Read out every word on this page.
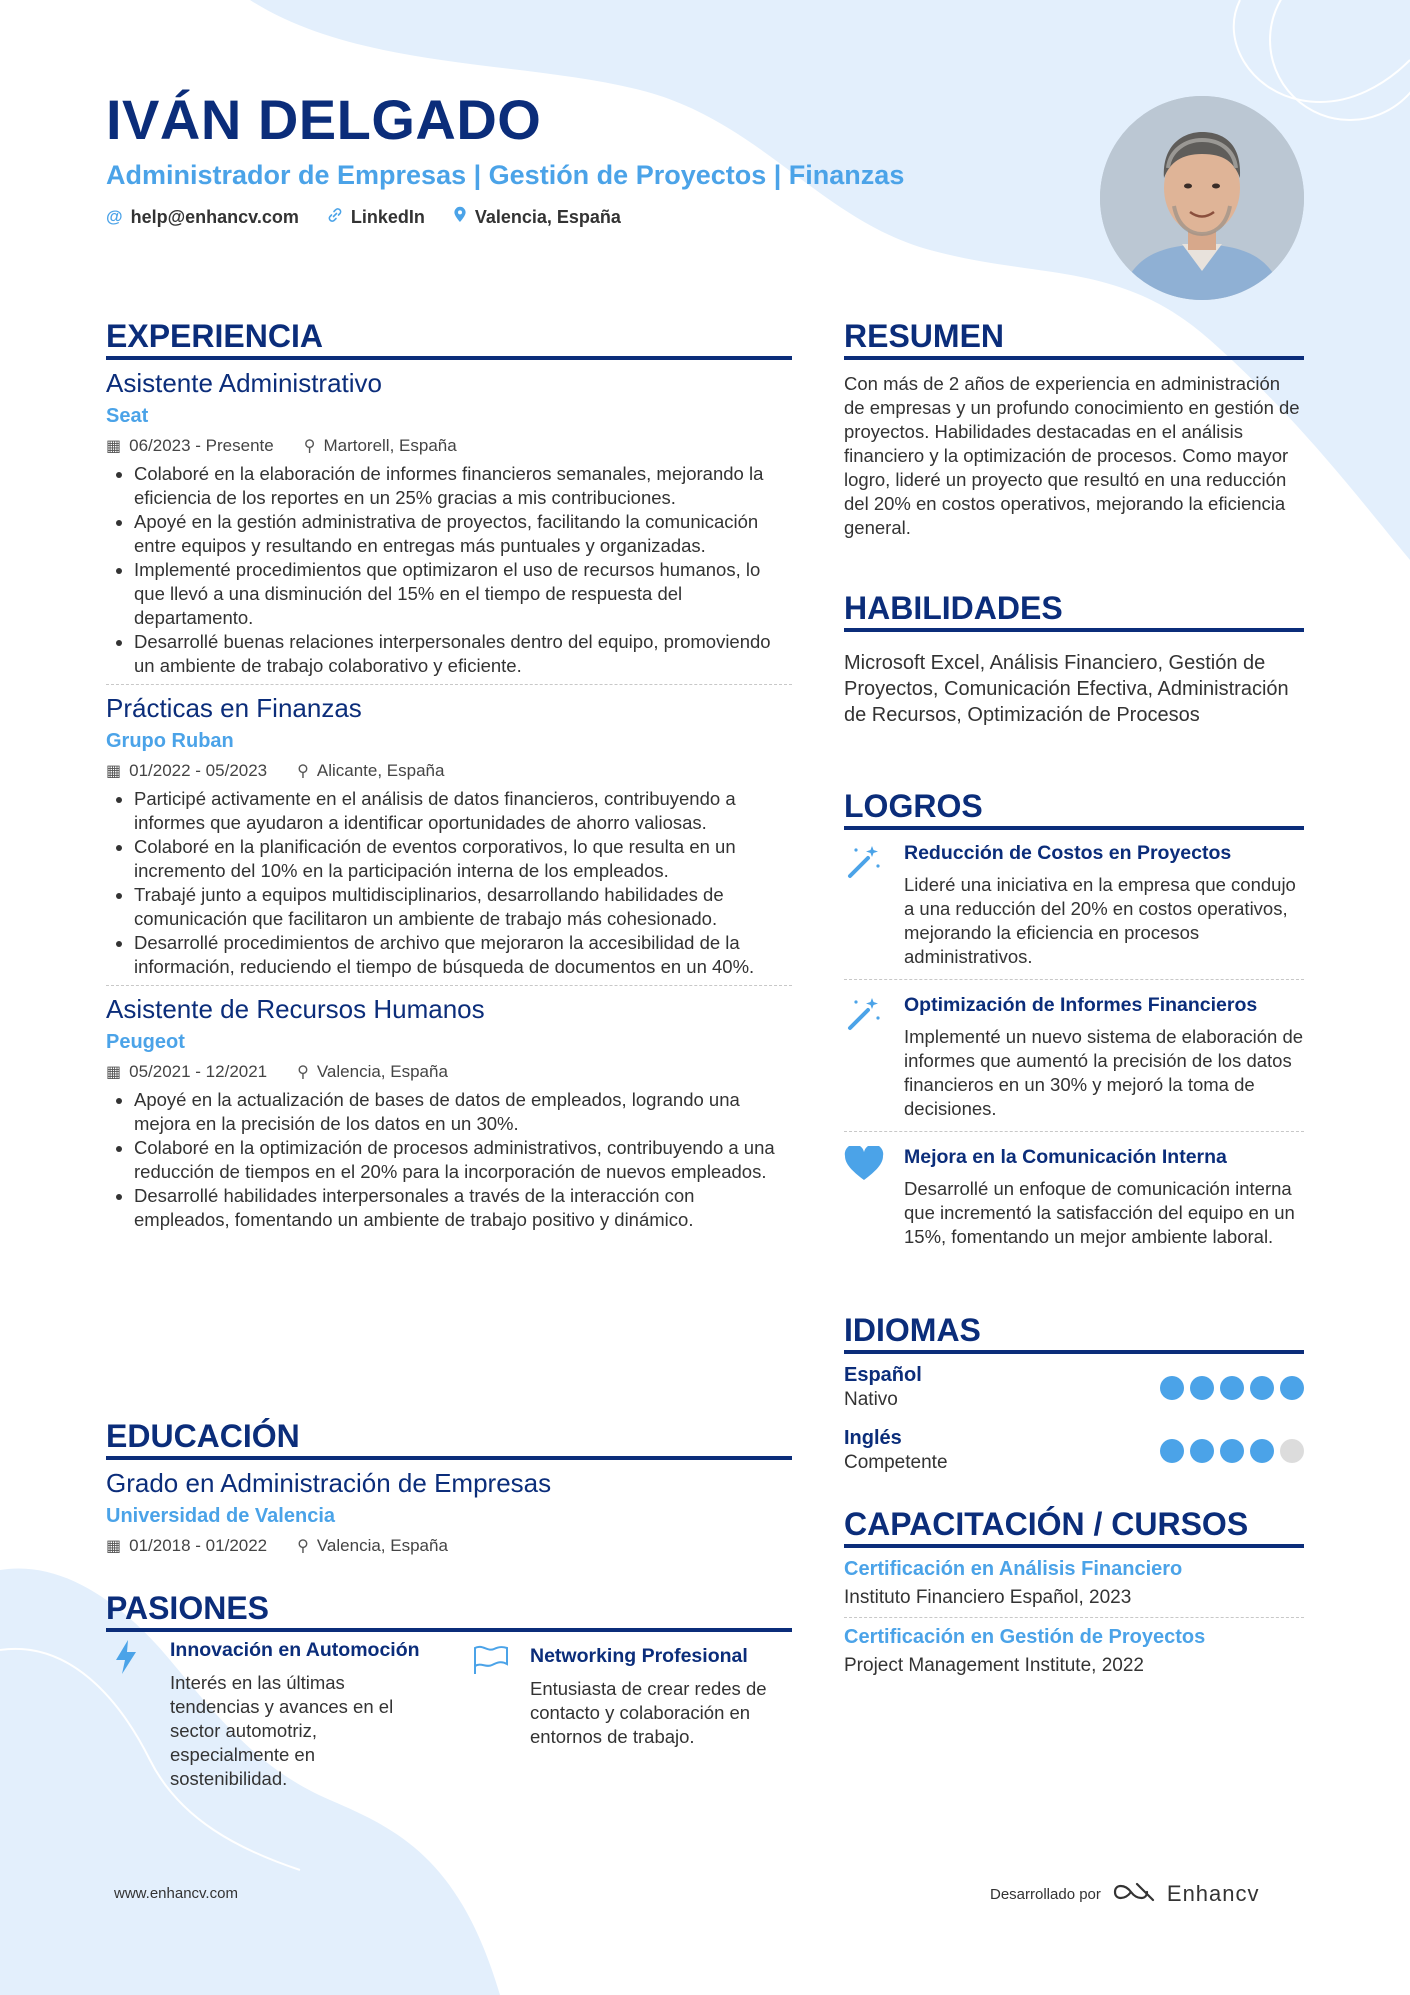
IVÁN DELGADO
Administrador de Empresas | Gestión de Proyectos | Finanzas
@ help@enhancv.com	LinkedIn	Valencia, España
EXPERIENCIA
Asistente Administrativo
Seat
▦ 06/2023 - Presente ⚲ Martorell, España
• Colaboré en la elaboración de informes financieros semanales, mejorando la eficiencia de los reportes en un 25% gracias a mis contribuciones.
• Apoyé en la gestión administrativa de proyectos, facilitando la comunicación entre equipos y resultando en entregas más puntuales y organizadas.
• Implementé procedimientos que optimizaron el uso de recursos humanos, lo que llevó a una disminución del 15% en el tiempo de respuesta del departamento.
• Desarrollé buenas relaciones interpersonales dentro del equipo, promoviendo un ambiente de trabajo colaborativo y eficiente.
Prácticas en Finanzas
Grupo Ruban
▦ 01/2022 - 05/2023 ⚲ Alicante, España
• Participé activamente en el análisis de datos financieros, contribuyendo a informes que ayudaron a identificar oportunidades de ahorro valiosas.
• Colaboré en la planificación de eventos corporativos, lo que resulta en un incremento del 10% en la participación interna de los empleados.
• Trabajé junto a equipos multidisciplinarios, desarrollando habilidades de comunicación que facilitaron un ambiente de trabajo más cohesionado.
• Desarrollé procedimientos de archivo que mejoraron la accesibilidad de la información, reduciendo el tiempo de búsqueda de documentos en un 40%.
Asistente de Recursos Humanos
Peugeot
▦ 05/2021 - 12/2021 ⚲ Valencia, España
• Apoyé en la actualización de bases de datos de empleados, logrando una mejora en la precisión de los datos en un 30%.
• Colaboré en la optimización de procesos administrativos, contribuyendo a una reducción de tiempos en el 20% para la incorporación de nuevos empleados.
• Desarrollé habilidades interpersonales a través de la interacción con empleados, fomentando un ambiente de trabajo positivo y dinámico.
EDUCACIÓN
Grado en Administración de Empresas
Universidad de Valencia
▦ 01/2018 - 01/2022 ⚲ Valencia, España
PASIONES
Innovación en Automoción
Interés en las últimas tendencias y avances en el sector automotriz, especialmente en sostenibilidad.
Networking Profesional
Entusiasta de crear redes de contacto y colaboración en entornos de trabajo.
RESUMEN
Con más de 2 años de experiencia en administración de empresas y un profundo conocimiento en gestión de proyectos. Habilidades destacadas en el análisis financiero y la optimización de procesos. Como mayor logro, lideré un proyecto que resultó en una reducción del 20% en costos operativos, mejorando la eficiencia general.
HABILIDADES
Microsoft Excel, Análisis Financiero, Gestión de Proyectos, Comunicación Efectiva, Administración de Recursos, Optimización de Procesos
LOGROS
Reducción de Costos en Proyectos
Lideré una iniciativa en la empresa que condujo a una reducción del 20% en costos operativos, mejorando la eficiencia en procesos administrativos.
Optimización de Informes Financieros
Implementé un nuevo sistema de elaboración de informes que aumentó la precisión de los datos financieros en un 30% y mejoró la toma de decisiones.
Mejora en la Comunicación Interna
Desarrollé un enfoque de comunicación interna que incrementó la satisfacción del equipo en un 15%, fomentando un mejor ambiente laboral.
IDIOMAS
Español
Nativo
Inglés
Competente
CAPACITACIÓN / CURSOS
Certificación en Análisis Financiero
Instituto Financiero Español, 2023
Certificación en Gestión de Proyectos
Project Management Institute, 2022
www.enhancv.com	Desarrollado por	Enhancv
